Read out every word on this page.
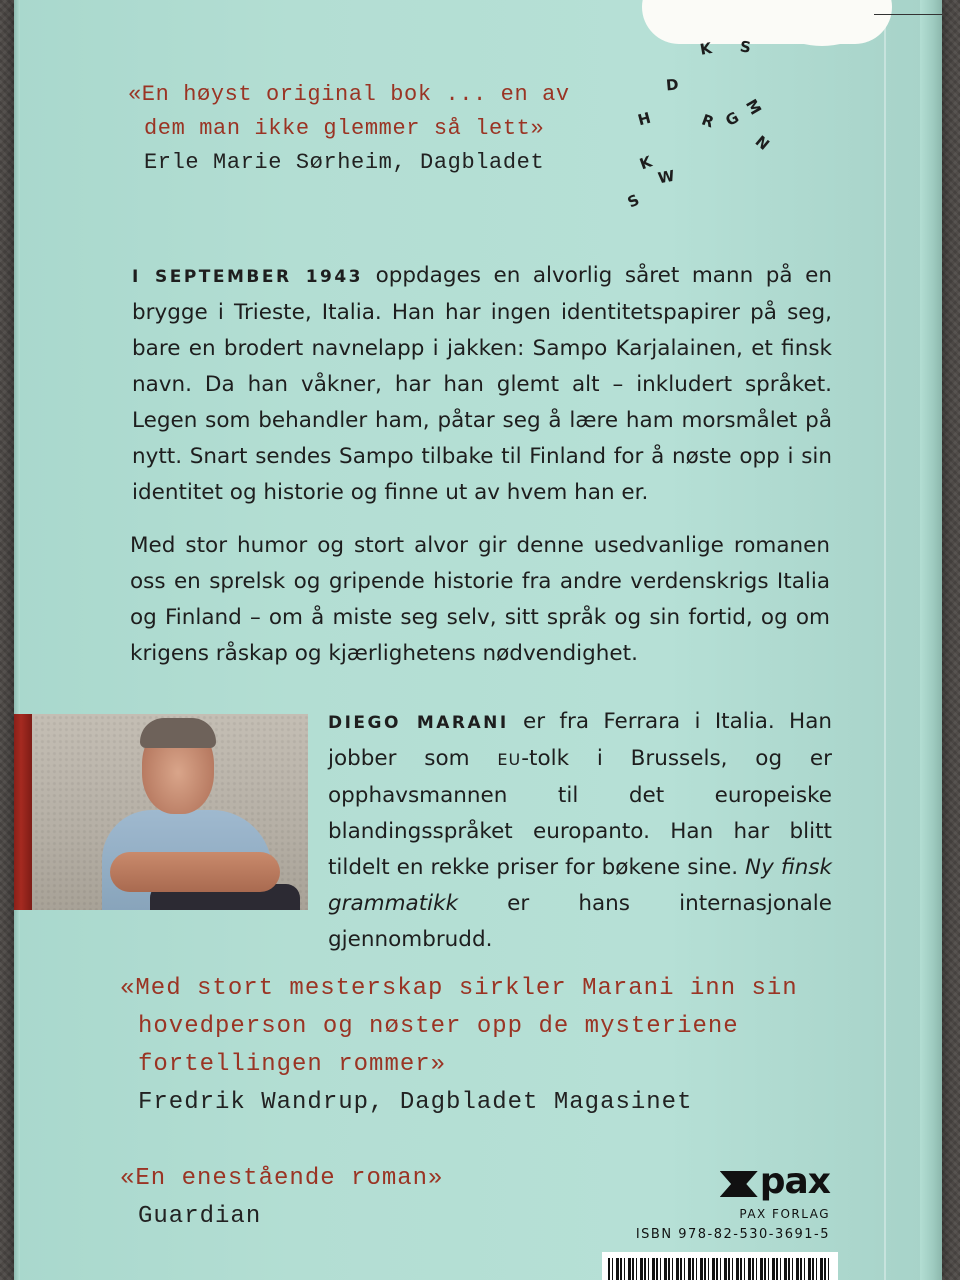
K S
D
H	R G
M
N
K
W
S
«En høyst original bok ... en av
dem man ikke glemmer så lett»
Erle Marie Sørheim, Dagbladet

I SEPTEMBER 1943 oppdages en alvorlig såret mann på en brygge i Trieste, Italia. Han har ingen identitetspapirer på seg, bare en brodert navnelapp i jakken: Sampo Karjalainen, et finsk navn. Da han våkner, har han glemt alt – inkludert språket. Legen som behandler ham, påtar seg å lære ham morsmålet på nytt. Snart sendes Sampo tilbake til Finland for å nøste opp i sin identitet og historie og finne ut av hvem han er.

Med stor humor og stort alvor gir denne usedvanlige romanen oss en sprelsk og gripende historie fra andre verdenskrigs Italia og Finland – om å miste seg selv, sitt språk og sin fortid, og om krigens råskap og kjærlighetens nødvendighet.

DIEGO MARANI er fra Ferrara i Italia. Han jobber som EU-tolk i Brussels, og er opphavsmannen til det europeiske blandingsspråket europanto. Han har blitt tildelt en rekke priser for bøkene sine. Ny finsk grammatikk er hans internasjonale gjennombrudd.

«Med stort mesterskap sirkler Marani inn sin
hovedperson og nøster opp de mysteriene
fortellingen rommer»
Fredrik Wandrup, Dagbladet Magasinet
«En enestående roman»
Guardian
pax
PAX FORLAG
ISBN 978-82-530-3691-5
